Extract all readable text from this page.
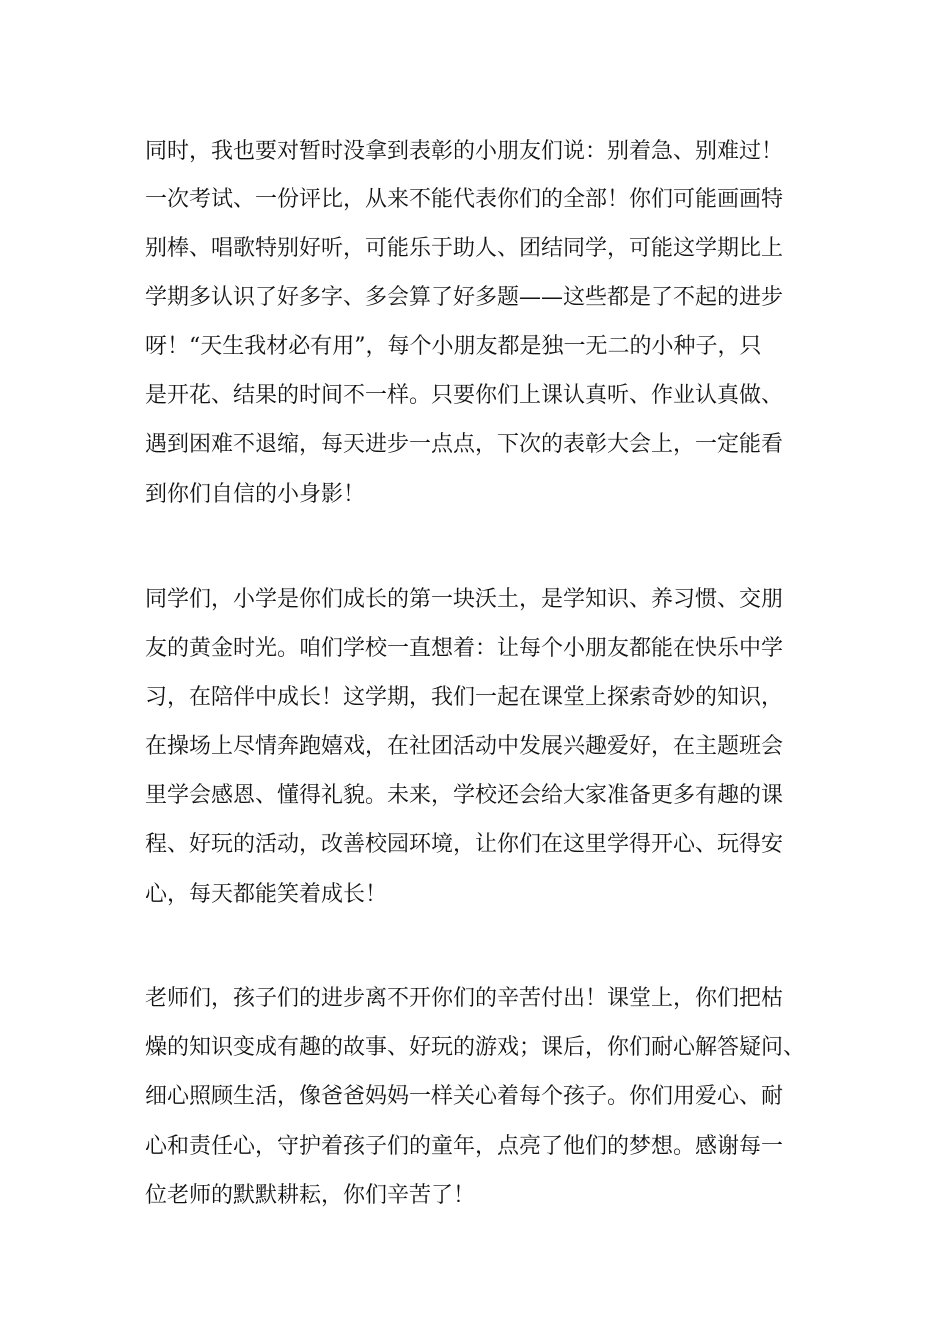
同时，我也要对暂时没拿到表彰的小朋友们说：别着急、别难过！
一次考试、一份评比，从来不能代表你们的全部！你们可能画画特
别棒、唱歌特别好听，可能乐于助人、团结同学，可能这学期比上
学期多认识了好多字、多会算了好多题——这些都是了不起的进步
呀！“天生我材必有用”，每个小朋友都是独一无二的小种子，只
是开花、结果的时间不一样。只要你们上课认真听、作业认真做、
遇到困难不退缩，每天进步一点点，下次的表彰大会上，一定能看
到你们自信的小身影！
同学们，小学是你们成长的第一块沃土，是学知识、养习惯、交朋
友的黄金时光。咱们学校一直想着：让每个小朋友都能在快乐中学
习，在陪伴中成长！这学期，我们一起在课堂上探索奇妙的知识，
在操场上尽情奔跑嬉戏，在社团活动中发展兴趣爱好，在主题班会
里学会感恩、懂得礼貌。未来，学校还会给大家准备更多有趣的课
程、好玩的活动，改善校园环境，让你们在这里学得开心、玩得安
心，每天都能笑着成长！
老师们，孩子们的进步离不开你们的辛苦付出！课堂上，你们把枯
燥的知识变成有趣的故事、好玩的游戏；课后，你们耐心解答疑问、
细心照顾生活，像爸爸妈妈一样关心着每个孩子。你们用爱心、耐
心和责任心，守护着孩子们的童年，点亮了他们的梦想。感谢每一
位老师的默默耕耘，你们辛苦了！
